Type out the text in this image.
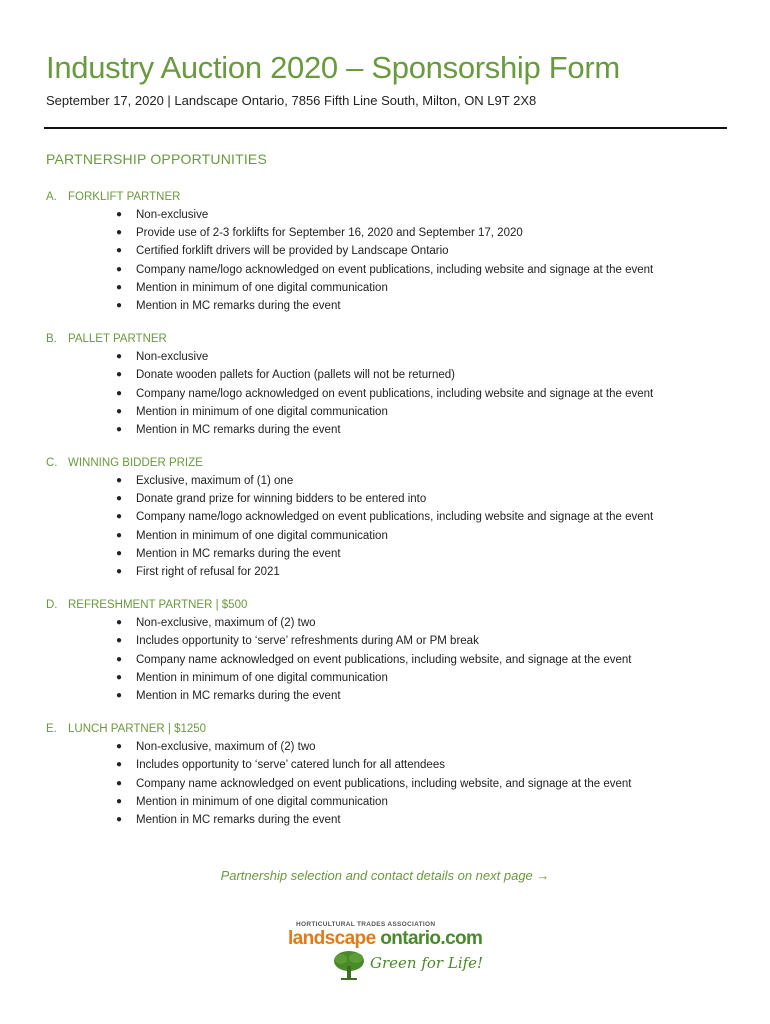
Industry Auction 2020 – Sponsorship Form
September 17, 2020 | Landscape Ontario, 7856 Fifth Line South, Milton, ON L9T 2X8
PARTNERSHIP OPPORTUNITIES
A. FORKLIFT PARTNER
● Non-exclusive
● Provide use of 2-3 forklifts for September 16, 2020 and September 17, 2020
● Certified forklift drivers will be provided by Landscape Ontario
● Company name/logo acknowledged on event publications, including website and signage at the event
● Mention in minimum of one digital communication
● Mention in MC remarks during the event
B. PALLET PARTNER
● Non-exclusive
● Donate wooden pallets for Auction (pallets will not be returned)
● Company name/logo acknowledged on event publications, including website and signage at the event
● Mention in minimum of one digital communication
● Mention in MC remarks during the event
C. WINNING BIDDER PRIZE
● Exclusive, maximum of (1) one
● Donate grand prize for winning bidders to be entered into
● Company name/logo acknowledged on event publications, including website and signage at the event
● Mention in minimum of one digital communication
● Mention in MC remarks during the event
● First right of refusal for 2021
D. REFRESHMENT PARTNER | $500
● Non-exclusive, maximum of (2) two
● Includes opportunity to ‘serve’ refreshments during AM or PM break
● Company name acknowledged on event publications, including website, and signage at the event
● Mention in minimum of one digital communication
● Mention in MC remarks during the event
E. LUNCH PARTNER | $1250
● Non-exclusive, maximum of (2) two
● Includes opportunity to ‘serve’ catered lunch for all attendees
● Company name acknowledged on event publications, including website, and signage at the event
● Mention in minimum of one digital communication
● Mention in MC remarks during the event
Partnership selection and contact details on next page →
HORTICULTURAL TRADES ASSOCIATION
landscape ontario.com
Green for Life!
